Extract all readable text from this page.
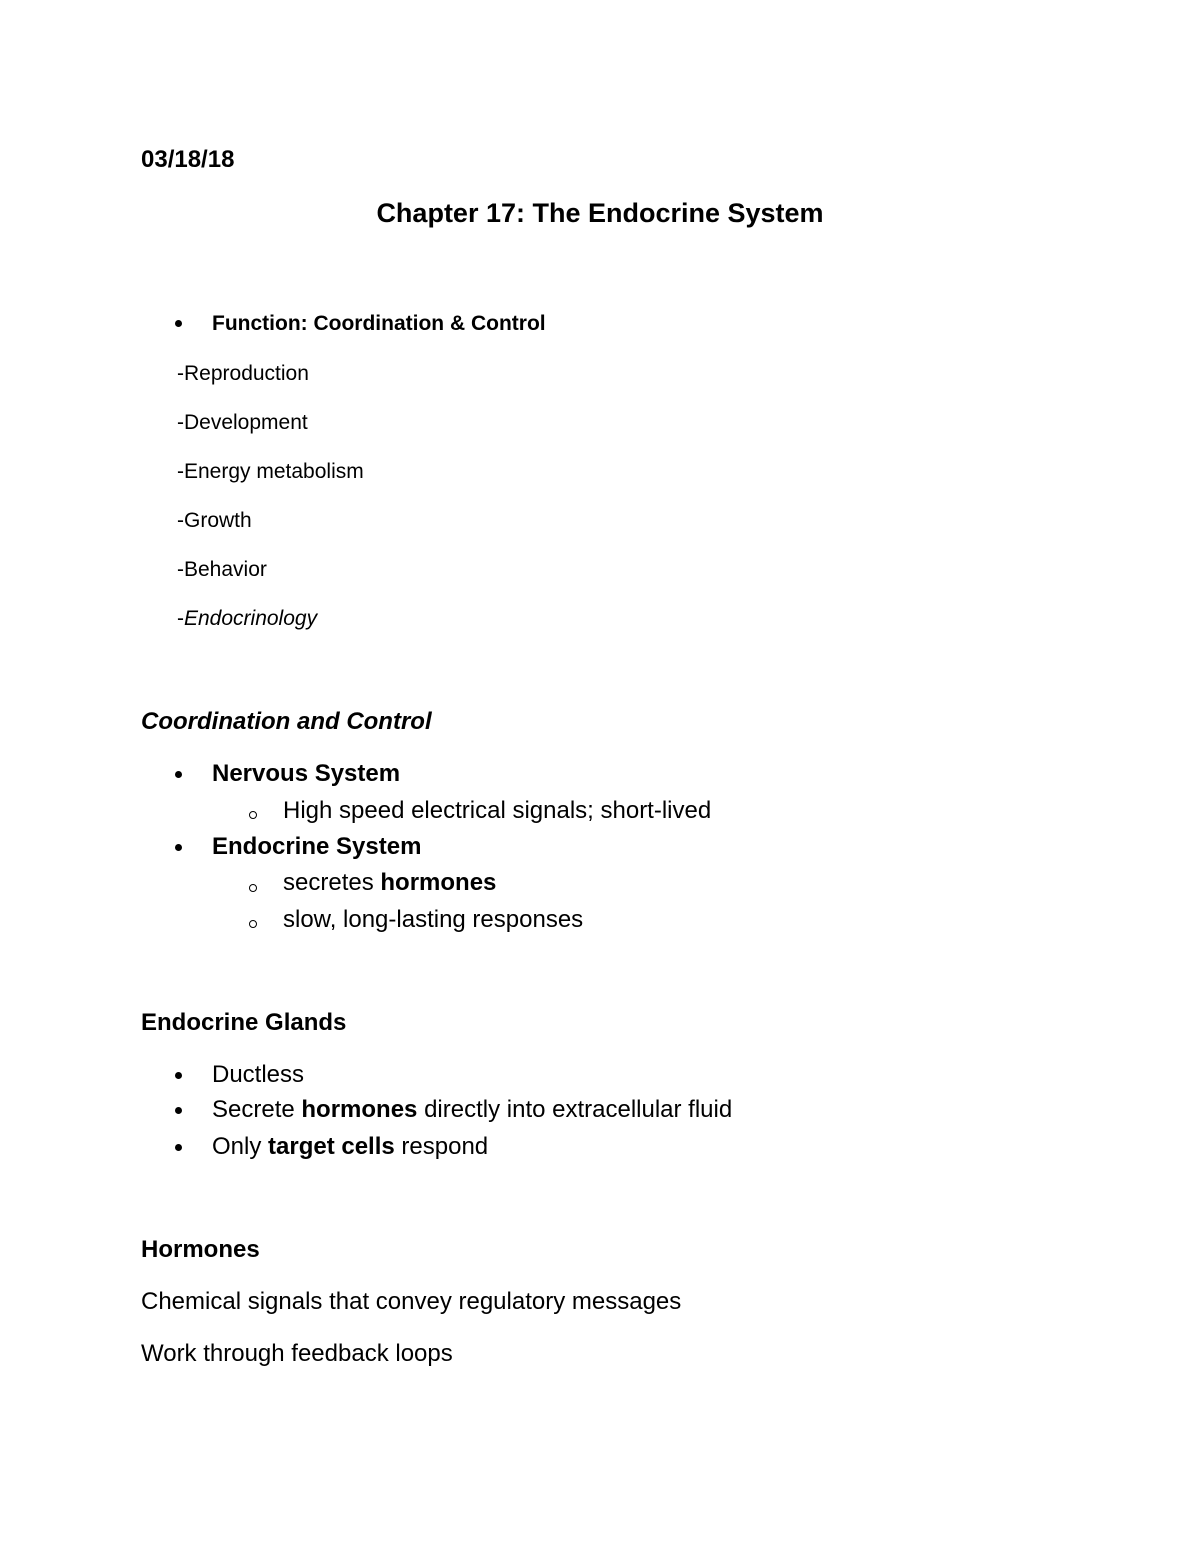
03/18/18
Chapter 17: The Endocrine System
Function: Coordination & Control
-Reproduction
-Development
-Energy metabolism
-Growth
-Behavior
-Endocrinology
Coordination and Control
Nervous System
High speed electrical signals; short-lived
Endocrine System
secretes hormones
slow, long-lasting responses
Endocrine Glands
Ductless
Secrete hormones directly into extracellular fluid
Only target cells respond
Hormones
Chemical signals that convey regulatory messages
Work through feedback loops
